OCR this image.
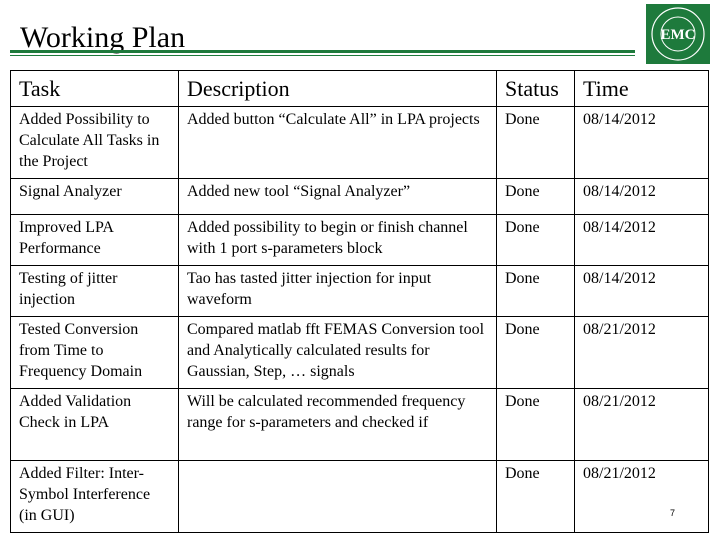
Working Plan	EMC
Task	Description	Status	Time
Added Possibility to Calculate All Tasks in the Project	Added button “Calculate All” in LPA projects	Done	08/14/2012
Signal Analyzer	Added new tool “Signal Analyzer”	Done	08/14/2012
Improved LPA Performance	Added possibility to begin or finish channel with 1 port s-parameters block	Done	08/14/2012
Testing of jitter injection	Tao has tasted jitter injection for input waveform	Done	08/14/2012
Tested Conversion from Time to Frequency Domain	Compared matlab fft FEMAS Conversion tool and Analytically calculated results for Gaussian, Step, … signals	Done	08/21/2012
Added Validation Check in LPA	Will be calculated recommended frequency range for s-parameters and checked if	Done	08/21/2012
Added Filter: Inter-Symbol Interference (in GUI)		Done	08/21/2012
7
